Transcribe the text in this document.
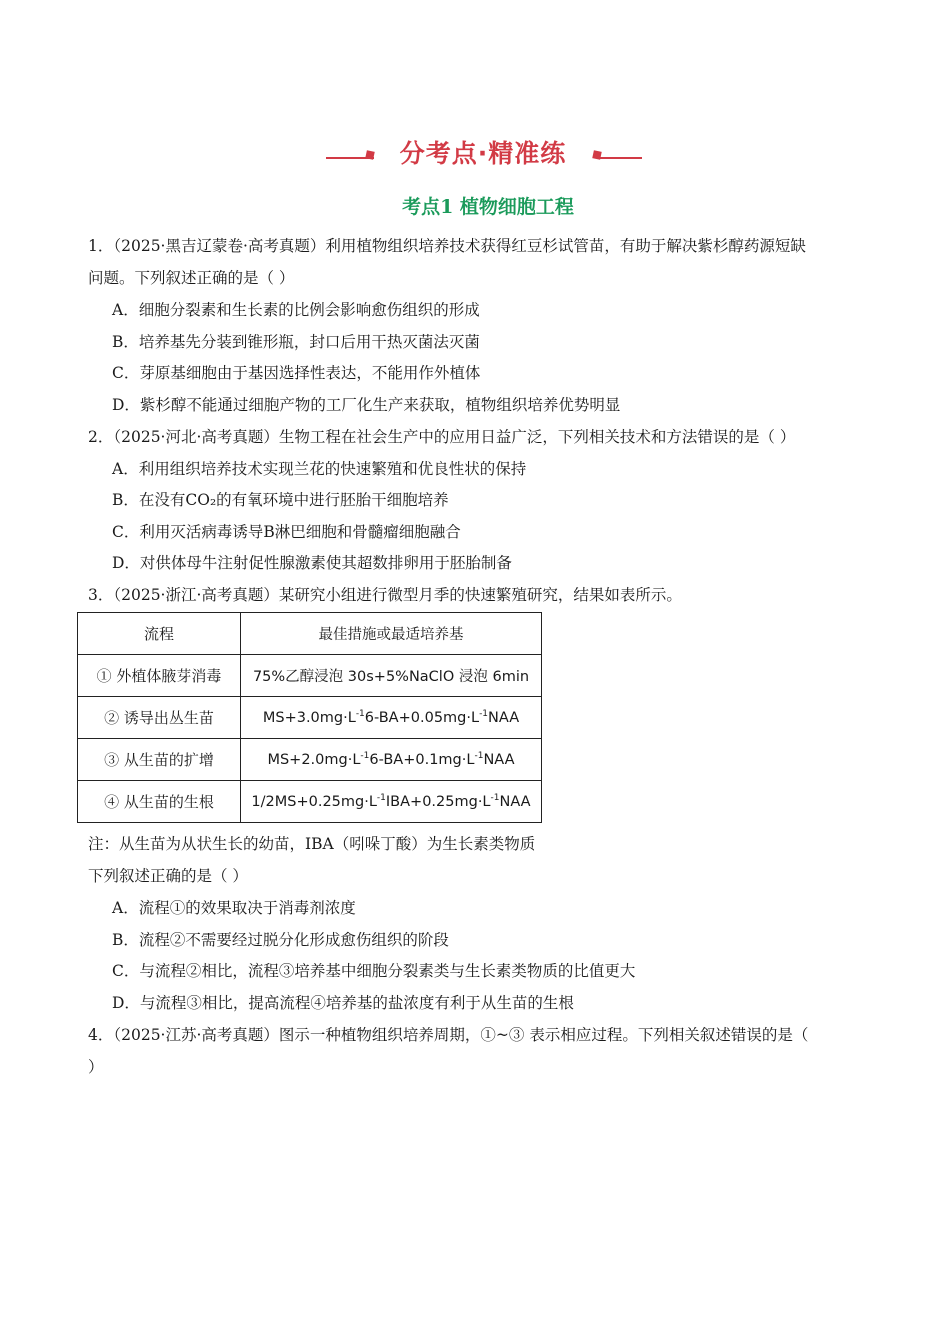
分考点·精准练
考点1 植物细胞工程
1．（2025·黑吉辽蒙卷·高考真题）利用植物组织培养技术获得红豆杉试管苗，有助于解决紫杉醇药源短缺
问题。下列叙述正确的是（ ）
A．细胞分裂素和生长素的比例会影响愈伤组织的形成
B．培养基先分装到锥形瓶，封口后用干热灭菌法灭菌
C．芽原基细胞由于基因选择性表达，不能用作外植体
D．紫杉醇不能通过细胞产物的工厂化生产来获取，植物组织培养优势明显
2．（2025·河北·高考真题）生物工程在社会生产中的应用日益广泛，下列相关技术和方法错误的是（ ）
A．利用组织培养技术实现兰花的快速繁殖和优良性状的保持
B．在没有CO₂的有氧环境中进行胚胎干细胞培养
C．利用灭活病毒诱导B淋巴细胞和骨髓瘤细胞融合
D．对供体母牛注射促性腺激素使其超数排卵用于胚胎制备
3．（2025·浙江·高考真题）某研究小组进行微型月季的快速繁殖研究，结果如表所示。
流程	最佳措施或最适培养基
① 外植体腋芽消毒	75%乙醇浸泡 30s+5%NaClO 浸泡 6min
② 诱导出丛生苗	$MS+3.0mg\cdot L^{-1}6-BA+0.05mg\cdot L^{-1}NAA$
③ 从生苗的扩增	$MS+2.0mg\cdot L^{-1}6-BA+0.1mg\cdot L^{-1}NAA$
④ 从生苗的生根	$1/2MS+0.25mg\cdot L^{-1}IBA+0.25mg\cdot L^{-1}NAA$
注：从生苗为从状生长的幼苗，IBA（吲哚丁酸）为生长素类物质
下列叙述正确的是（ ）
A．流程①的效果取决于消毒剂浓度
B．流程②不需要经过脱分化形成愈伤组织的阶段
C．与流程②相比，流程③培养基中细胞分裂素类与生长素类物质的比值更大
D．与流程③相比，提高流程④培养基的盐浓度有利于从生苗的生根
4．（2025·江苏·高考真题）图示一种植物组织培养周期，①~③ 表示相应过程。下列相关叙述错误的是（
）
